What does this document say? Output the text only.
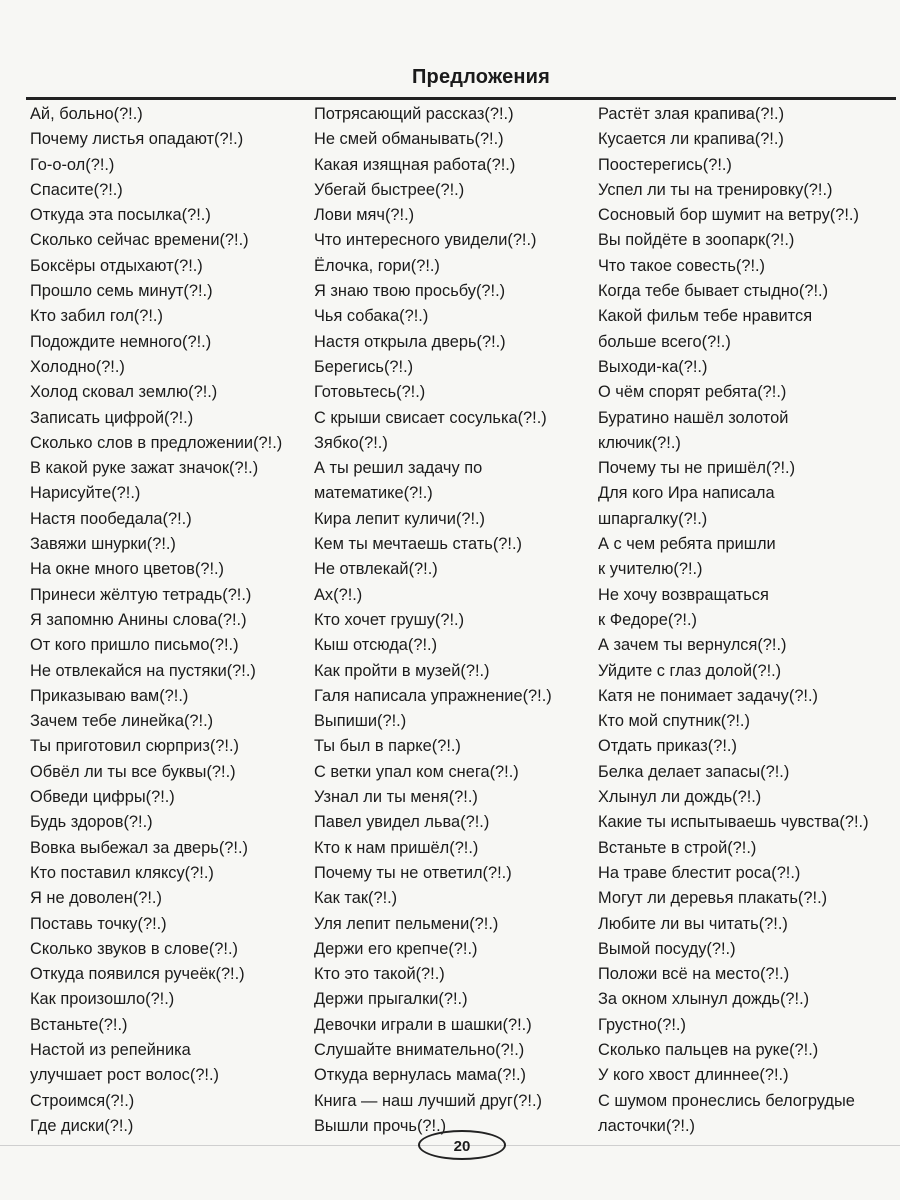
Предложения
Ай, больно(?!.)
Почему листья опадают(?!.)
Го-о-ол(?!.)
Спасите(?!.)
Откуда эта посылка(?!.)
Сколько сейчас времени(?!.)
Боксёры отдыхают(?!.)
Прошло семь минут(?!.)
Кто забил гол(?!.)
Подождите немного(?!.)
Холодно(?!.)
Холод сковал землю(?!.)
Записать цифрой(?!.)
Сколько слов в предложении(?!.)
В какой руке зажат значок(?!.)
Нарисуйте(?!.)
Настя пообедала(?!.)
Завяжи шнурки(?!.)
На окне много цветов(?!.)
Принеси жёлтую тетрадь(?!.)
Я запомню Анины слова(?!.)
От кого пришло письмо(?!.)
Не отвлекайся на пустяки(?!.)
Приказываю вам(?!.)
Зачем тебе линейка(?!.)
Ты приготовил сюрприз(?!.)
Обвёл ли ты все буквы(?!.)
Обведи цифры(?!.)
Будь здоров(?!.)
Вовка выбежал за дверь(?!.)
Кто поставил кляксу(?!.)
Я не доволен(?!.)
Поставь точку(?!.)
Сколько звуков в слове(?!.)
Откуда появился ручеёк(?!.)
Как произошло(?!.)
Встаньте(?!.)
Настой из репейника
улучшает рост волос(?!.)
Строимся(?!.)
Где диски(?!.)
Потрясающий рассказ(?!.)
Не смей обманывать(?!.)
Какая изящная работа(?!.)
Убегай быстрее(?!.)
Лови мяч(?!.)
Что интересного увидели(?!.)
Ёлочка, гори(?!.)
Я знаю твою просьбу(?!.)
Чья собака(?!.)
Настя открыла дверь(?!.)
Берегись(?!.)
Готовьтесь(?!.)
С крыши свисает сосулька(?!.)
Зябко(?!.)
А ты решил задачу по
математике(?!.)
Кира лепит куличи(?!.)
Кем ты мечтаешь стать(?!.)
Не отвлекай(?!.)
Ах(?!.)
Кто хочет грушу(?!.)
Кыш отсюда(?!.)
Как пройти в музей(?!.)
Галя написала упражнение(?!.)
Выпиши(?!.)
Ты был в парке(?!.)
С ветки упал ком снега(?!.)
Узнал ли ты меня(?!.)
Павел увидел льва(?!.)
Кто к нам пришёл(?!.)
Почему ты не ответил(?!.)
Как так(?!.)
Уля лепит пельмени(?!.)
Держи его крепче(?!.)
Кто это такой(?!.)
Держи прыгалки(?!.)
Девочки играли в шашки(?!.)
Слушайте внимательно(?!.)
Откуда вернулась мама(?!.)
Книга — наш лучший друг(?!.)
Вышли прочь(?!.)
Растёт злая крапива(?!.)
Кусается ли крапива(?!.)
Поостерегись(?!.)
Успел ли ты на тренировку(?!.)
Сосновый бор шумит на ветру(?!.)
Вы пойдёте в зоопарк(?!.)
Что такое совесть(?!.)
Когда тебе бывает стыдно(?!.)
Какой фильм тебе нравится
больше всего(?!.)
Выходи-ка(?!.)
О чём спорят ребята(?!.)
Буратино нашёл золотой
ключик(?!.)
Почему ты не пришёл(?!.)
Для кого Ира написала
шпаргалку(?!.)
А с чем ребята пришли
к учителю(?!.)
Не хочу возвращаться
к Федоре(?!.)
А зачем ты вернулся(?!.)
Уйдите с глаз долой(?!.)
Катя не понимает задачу(?!.)
Кто мой спутник(?!.)
Отдать приказ(?!.)
Белка делает запасы(?!.)
Хлынул ли дождь(?!.)
Какие ты испытываешь чувства(?!.)
Встаньте в строй(?!.)
На траве блестит роса(?!.)
Могут ли деревья плакать(?!.)
Любите ли вы читать(?!.)
Вымой посуду(?!.)
Положи всё на место(?!.)
За окном хлынул дождь(?!.)
Грустно(?!.)
Сколько пальцев на руке(?!.)
У кого хвост длиннее(?!.)
С шумом пронеслись белогрудые
ласточки(?!.)
20
